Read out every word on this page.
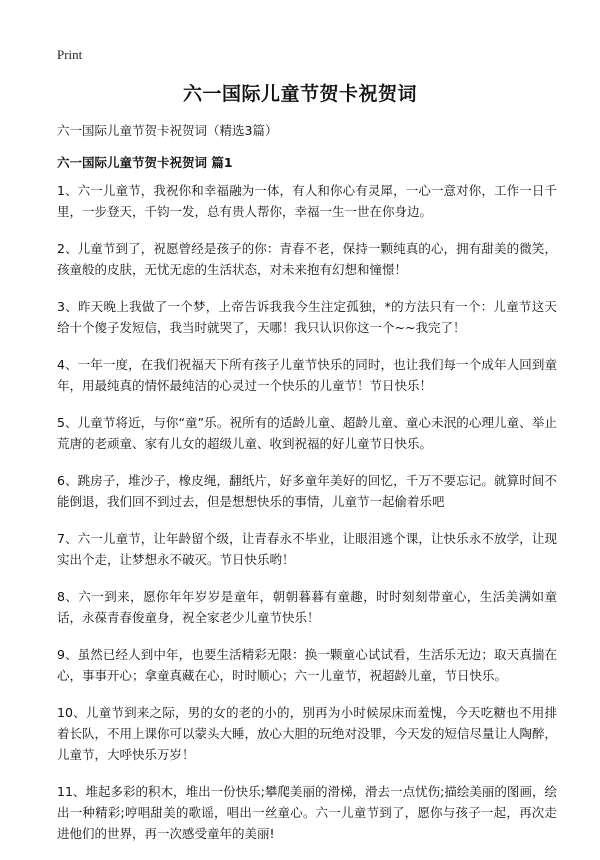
Print
六一国际儿童节贺卡祝贺词

六一国际儿童节贺卡祝贺词（精选3篇）

六一国际儿童节贺卡祝贺词 篇1

1、六一儿童节，我祝你和幸福融为一体，有人和你心有灵犀，一心一意对你，工作一日千里，一步登天，千钧一发，总有贵人帮你，幸福一生一世在你身边。

2、儿童节到了，祝愿曾经是孩子的你：青春不老，保持一颗纯真的心，拥有甜美的微笑，孩童般的皮肤，无忧无虑的生活状态，对未来抱有幻想和憧憬！

3、昨天晚上我做了一个梦，上帝告诉我我今生注定孤独，*的方法只有一个：儿童节这天给十个傻子发短信，我当时就哭了，天哪！我只认识你这一个~~我完了！

4、一年一度，在我们祝福天下所有孩子儿童节快乐的同时，也让我们每一个成年人回到童年，用最纯真的情怀最纯洁的心灵过一个快乐的儿童节！节日快乐！

5、儿童节将近，与你“童”乐。祝所有的适龄儿童、超龄儿童、童心未泯的心理儿童、举止荒唐的老顽童、家有儿女的超级儿童、收到祝福的好儿童节日快乐。

6、跳房子，堆沙子，橡皮绳，翻纸片，好多童年美好的回忆，千万不要忘记。就算时间不能倒退，我们回不到过去，但是想想快乐的事情，儿童节一起偷着乐吧

7、六一儿童节，让年龄留个级，让青春永不毕业，让眼泪逃个课，让快乐永不放学，让现实出个走，让梦想永不破灭。节日快乐哟！

8、六一到来，愿你年年岁岁是童年，朝朝暮暮有童趣，时时刻刻带童心，生活美满如童话，永葆青春俊童身，祝全家老少儿童节快乐！

9、虽然已经人到中年，也要生活精彩无限：换一颗童心试试看，生活乐无边；取天真揣在心，事事开心；拿童真藏在心，时时顺心；六一儿童节，祝超龄儿童，节日快乐。

10、儿童节到来之际，男的女的老的小的，别再为小时候尿床而羞愧，今天吃糖也不用排着长队，不用上课你可以蒙头大睡，放心大胆的玩绝对没罪，今天发的短信尽量让人陶醉，儿童节，大呼快乐万岁！

11、堆起多彩的积木，堆出一份快乐;攀爬美丽的滑梯，滑去一点忧伤;描绘美丽的图画，绘出一种精彩;哼唱甜美的歌谣，唱出一丝童心。六一儿童节到了，愿你与孩子一起，再次走进他们的世界，再一次感受童年的美丽!
